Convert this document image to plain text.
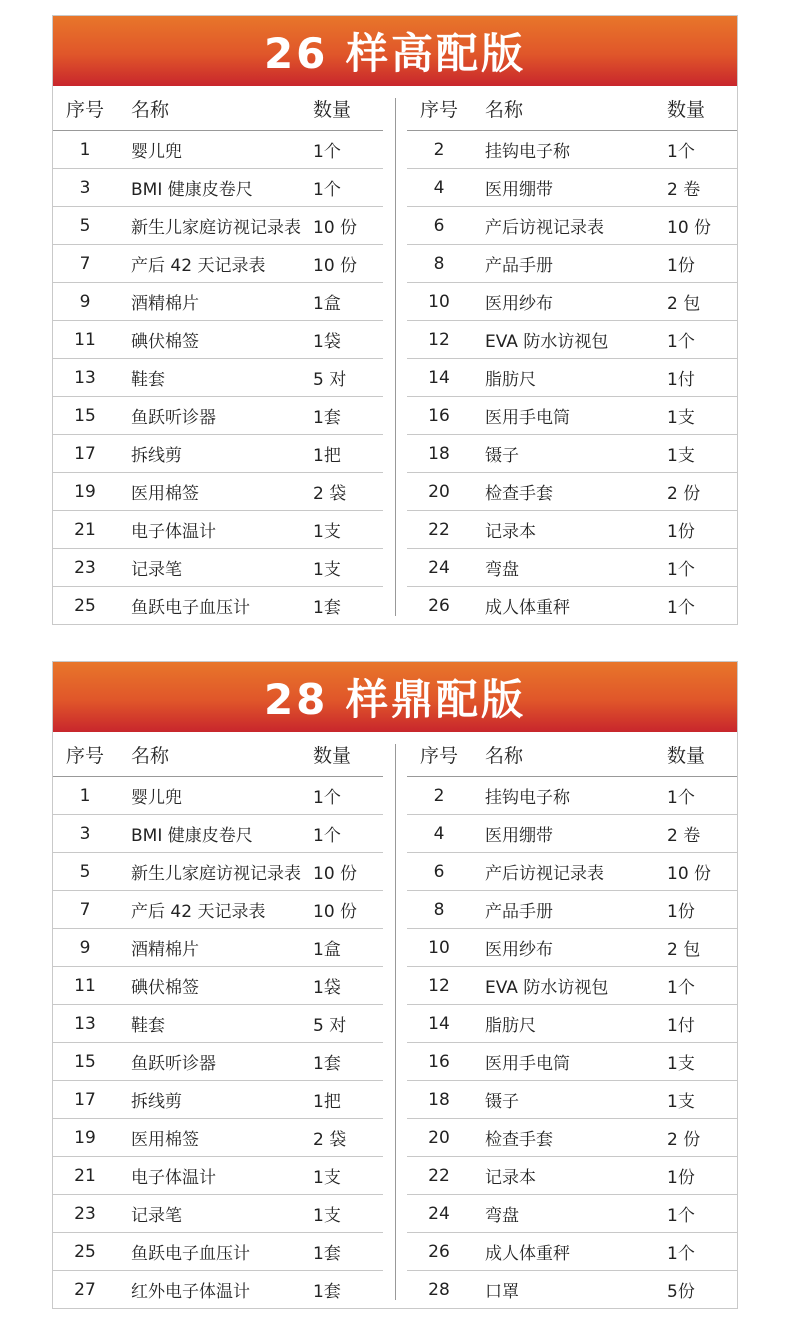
26 样高配版
序号	名称	数量
1	婴儿兜	1个
3	BMI 健康皮卷尺	1个
5	新生儿家庭访视记录表	10 份
7	产后 42 天记录表	10 份
9	酒精棉片	1盒
11	碘伏棉签	1袋
13	鞋套	5 对
15	鱼跃听诊器	1套
17	拆线剪	1把
19	医用棉签	2 袋
21	电子体温计	1支
23	记录笔	1支
25	鱼跃电子血压计	1套
序号	名称	数量
2	挂钩电子称	1个
4	医用绷带	2 卷
6	产后访视记录表	10 份
8	产品手册	1份
10	医用纱布	2 包
12	EVA 防水访视包	1个
14	脂肪尺	1付
16	医用手电筒	1支
18	镊子	1支
20	检查手套	2 份
22	记录本	1份
24	弯盘	1个
26	成人体重秤	1个
28 样鼎配版
序号	名称	数量
1	婴儿兜	1个
3	BMI 健康皮卷尺	1个
5	新生儿家庭访视记录表	10 份
7	产后 42 天记录表	10 份
9	酒精棉片	1盒
11	碘伏棉签	1袋
13	鞋套	5 对
15	鱼跃听诊器	1套
17	拆线剪	1把
19	医用棉签	2 袋
21	电子体温计	1支
23	记录笔	1支
25	鱼跃电子血压计	1套
27	红外电子体温计	1套
序号	名称	数量
2	挂钩电子称	1个
4	医用绷带	2 卷
6	产后访视记录表	10 份
8	产品手册	1份
10	医用纱布	2 包
12	EVA 防水访视包	1个
14	脂肪尺	1付
16	医用手电筒	1支
18	镊子	1支
20	检查手套	2 份
22	记录本	1份
24	弯盘	1个
26	成人体重秤	1个
28	口罩	5份
